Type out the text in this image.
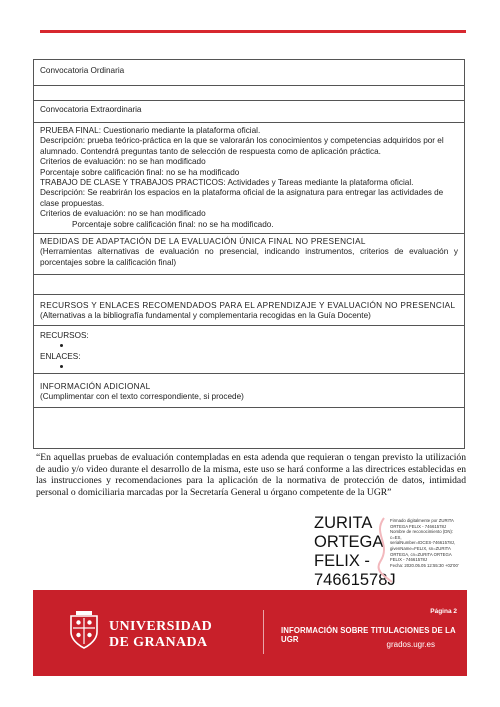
Convocatoria Ordinaria
Convocatoria Extraordinaria
PRUEBA FINAL: Cuestionario mediante la plataforma oficial.
Descripción: prueba teórico-práctica en la que se valorarán los conocimientos y competencias adquiridos por el alumnado. Contendrá preguntas tanto de selección de respuesta como de aplicación práctica.
Criterios de evaluación: no se han modificado
Porcentaje sobre calificación final: no se ha modificado
TRABAJO DE CLASE Y TRABAJOS PRACTICOS: Actividades y Tareas mediante la plataforma oficial.
Descripción: Se reabrirán los espacios en la plataforma oficial de la asignatura para entregar las actividades de clase propuestas.
Criterios de evaluación: no se han modificado
Porcentaje sobre calificación final: no se ha modificado.
MEDIDAS DE ADAPTACIÓN DE LA EVALUACIÓN ÚNICA FINAL NO PRESENCIAL
(Herramientas alternativas de evaluación no presencial, indicando instrumentos, criterios de evaluación y porcentajes sobre la calificación final)
RECURSOS Y ENLACES RECOMENDADOS PARA EL APRENDIZAJE Y EVALUACIÓN NO PRESENCIAL
(Alternativas a la bibliografía fundamental y complementaria recogidas en la Guía Docente)
RECURSOS:
ENLACES:
INFORMACIÓN ADICIONAL
(Cumplimentar con el texto correspondiente, si procede)
“En aquellas pruebas de evaluación contempladas en esta adenda que requieran o tengan previsto la utilización de audio y/o video durante el desarrollo de la misma, este uso se hará conforme a las directrices establecidas en las instrucciones y recomendaciones para la aplicación de la normativa de protección de datos, intimidad personal o domiciliaria marcadas por la Secretaría General u órgano competente de la UGR”
ZURITA
ORTEGA
FELIX -
74661578J
Firmado digitalmente por ZURITA
ORTEGA FELIX - 74661578J
Nombre de reconocimiento (DN):
c=ES,
serialNumber=IDCES-74661578J,
givenName=FELIX, sn=ZURITA
ORTEGA, cn=ZURITA ORTEGA
FELIX - 74661578J
Fecha: 2020.05.05 12:55:30 +02'00'
UNIVERSIDAD
DE GRANADA
Página 2
INFORMACIÓN SOBRE TITULACIONES DE LA UGR
grados.ugr.es
